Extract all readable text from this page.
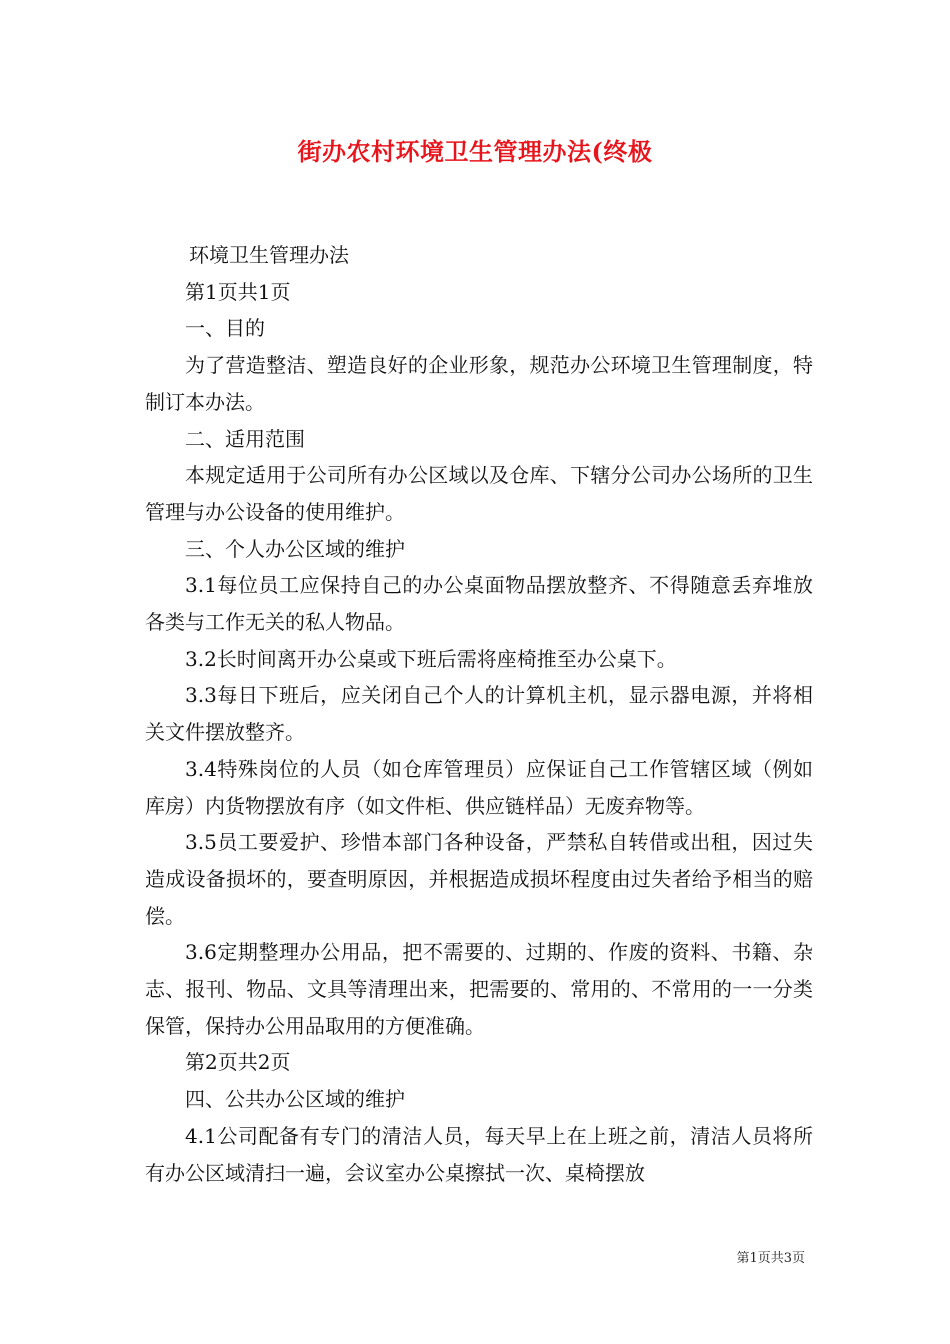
街办农村环境卫生管理办法(终极

环境卫生管理办法

第1页共1页

一、目的

为了营造整洁、塑造良好的企业形象，规范办公环境卫生管理制度，特制订本办法。

二、适用范围

本规定适用于公司所有办公区域以及仓库、下辖分公司办公场所的卫生管理与办公设备的使用维护。

三、个人办公区域的维护

3.1每位员工应保持自己的办公桌面物品摆放整齐、不得随意丢弃堆放各类与工作无关的私人物品。

3.2长时间离开办公桌或下班后需将座椅推至办公桌下。

3.3每日下班后，应关闭自己个人的计算机主机，显示器电源，并将相关文件摆放整齐。

3.4特殊岗位的人员（如仓库管理员）应保证自己工作管辖区域（例如库房）内货物摆放有序（如文件柜、供应链样品）无废弃物等。

3.5员工要爱护、珍惜本部门各种设备，严禁私自转借或出租，因过失造成设备损坏的，要查明原因，并根据造成损坏程度由过失者给予相当的赔偿。

3.6定期整理办公用品，把不需要的、过期的、作废的资料、书籍、杂志、报刊、物品、文具等清理出来，把需要的、常用的、不常用的一一分类保管，保持办公用品取用的方便准确。

第2页共2页

四、公共办公区域的维护

4.1公司配备有专门的清洁人员，每天早上在上班之前，清洁人员将所有办公区域清扫一遍，会议室办公桌擦拭一次、桌椅摆放

第1页共3页
